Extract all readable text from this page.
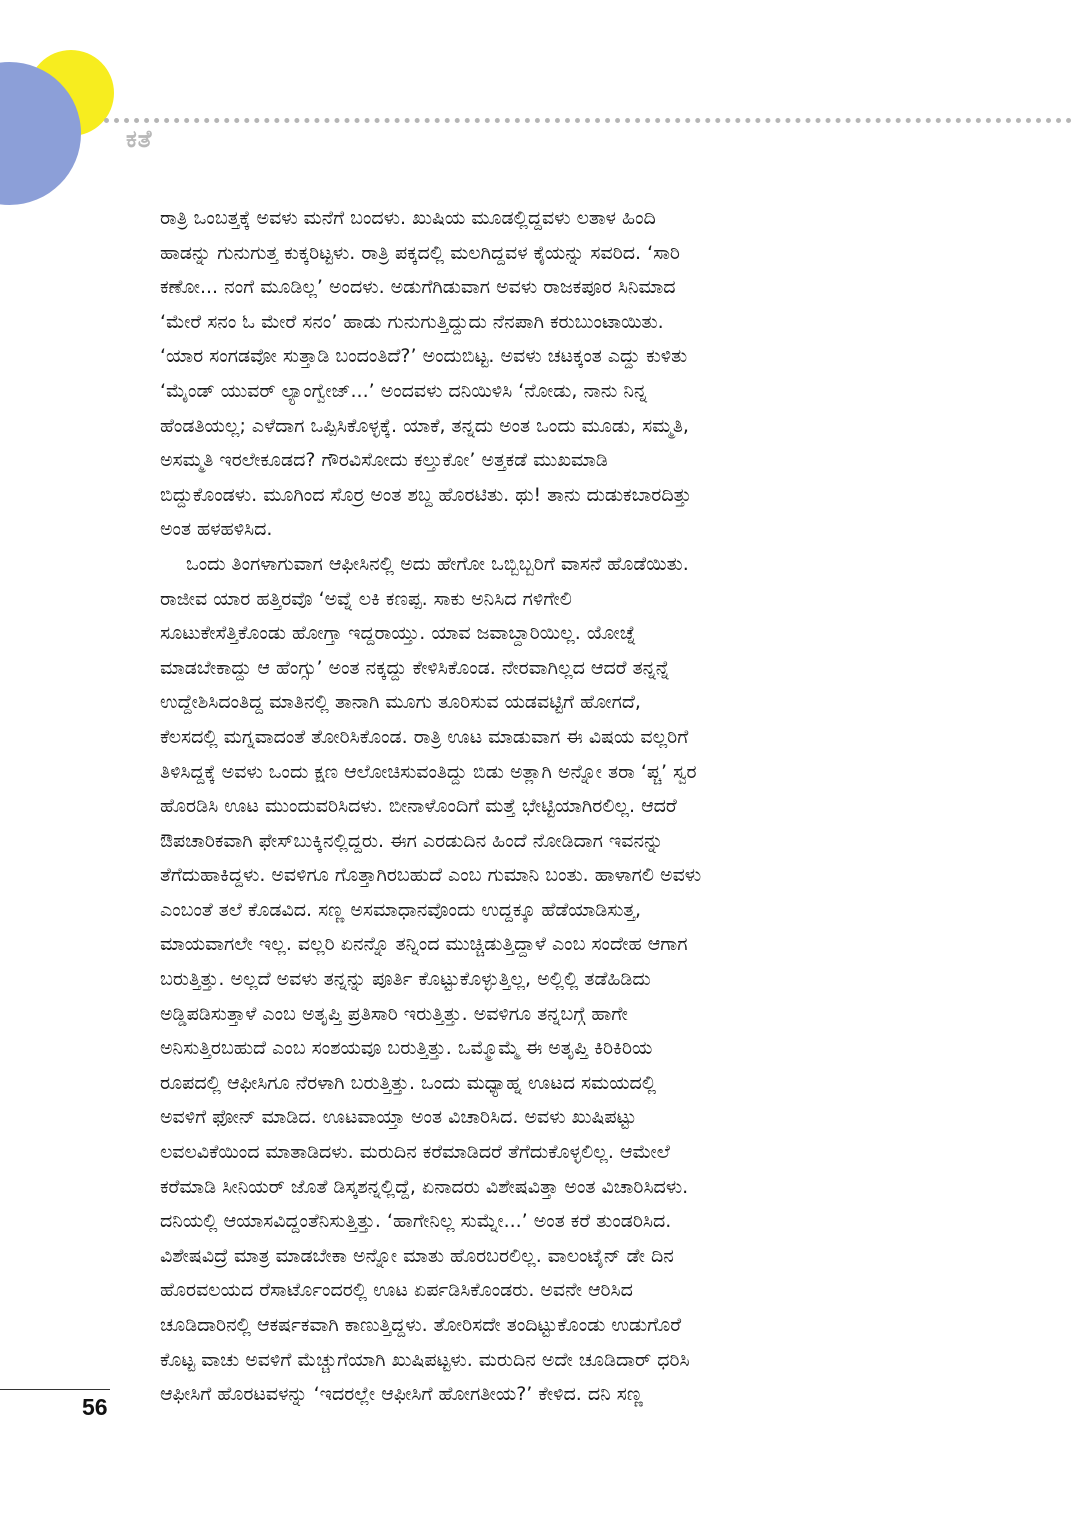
ಕತೆ
ರಾತ್ರಿ ಒಂಬತ್ತಕ್ಕೆ ಅವಳು ಮನೆಗೆ ಬಂದಳು. ಖುಷಿಯ ಮೂಡಲ್ಲಿದ್ದವಳು ಲತಾಳ ಹಿಂದಿ
ಹಾಡನ್ನು ಗುನುಗುತ್ತ ಕುಕ್ಕರಿಟ್ಟಳು. ರಾತ್ರಿ ಪಕ್ಕದಲ್ಲಿ ಮಲಗಿದ್ದವಳ ಕೈಯನ್ನು ಸವರಿದ. ‘ಸಾರಿ
ಕಣೋ... ನಂಗೆ ಮೂಡಿಲ್ಲ’ ಅಂದಳು. ಅಡುಗೆಗಿಡುವಾಗ ಅವಳು ರಾಜಕಪೂರ ಸಿನಿಮಾದ
‘ಮೇರೆ ಸನಂ ಓ ಮೇರೆ ಸನಂ’ ಹಾಡು ಗುನುಗುತ್ತಿದ್ದುದು ನೆನಪಾಗಿ ಕರುಬುಂಟಾಯಿತು.
‘ಯಾರ ಸಂಗಡವೋ ಸುತ್ತಾಡಿ ಬಂದಂತಿದೆ?’ ಅಂದುಬಿಟ್ಟ. ಅವಳು ಚಟಕ್ಕಂತ ಎದ್ದು ಕುಳಿತು
‘ಮೈಂಡ್ ಯುವರ್ ಲ್ಯಾಂಗ್ವೇಜ್...’ ಅಂದವಳು ದನಿಯಿಳಿಸಿ ‘ನೋಡು, ನಾನು ನಿನ್ನ
ಹೆಂಡತಿಯಲ್ಲ; ಎಳೆದಾಗ ಒಪ್ಪಿಸಿಕೊಳ್ಳಕ್ಕೆ. ಯಾಕೆ, ತನ್ನದು ಅಂತ ಒಂದು ಮೂಡು, ಸಮ್ಮತಿ,
ಅಸಮ್ಮತಿ ಇರಲೇಕೂಡದ? ಗೌರವಿಸೋದು ಕಲ್ತುಕೋ’ ಅತ್ತಕಡೆ ಮುಖಮಾಡಿ
ಬಿದ್ದುಕೊಂಡಳು. ಮೂಗಿಂದ ಸೊರ್ರ ಅಂತ ಶಬ್ದ ಹೊರಟಿತು. ಥು! ತಾನು ದುಡುಕಬಾರದಿತ್ತು
ಅಂತ ಹಳಹಳಿಸಿದ.
ಒಂದು ತಿಂಗಳಾಗುವಾಗ ಆಫೀಸಿನಲ್ಲಿ ಅದು ಹೇಗೋ ಒಬ್ಬಿಬ್ಬರಿಗೆ ವಾಸನೆ ಹೊಡೆಯಿತು.
ರಾಜೀವ ಯಾರ ಹತ್ತಿರವೊ ‘ಅವ್ನೆ ಲಕಿ ಕಣಪ್ಪ. ಸಾಕು ಅನಿಸಿದ ಗಳಿಗೇಲಿ
ಸೂಟುಕೇಸೆತ್ತಿಕೊಂಡು ಹೋಗ್ತಾ ಇದ್ದರಾಯ್ತು. ಯಾವ ಜವಾಬ್ದಾರಿಯಿಲ್ಲ. ಯೋಚ್ನೆ
ಮಾಡಬೇಕಾದ್ದು ಆ ಹೆಂಗ್ಸು’ ಅಂತ ನಕ್ಕದ್ದು ಕೇಳಿಸಿಕೊಂಡ. ನೇರವಾಗಿಲ್ಲದ ಆದರೆ ತನ್ನನ್ನೆ
ಉದ್ದೇಶಿಸಿದಂತಿದ್ದ ಮಾತಿನಲ್ಲಿ ತಾನಾಗಿ ಮೂಗು ತೂರಿಸುವ ಯಡವಟ್ಟಿಗೆ ಹೋಗದೆ,
ಕೆಲಸದಲ್ಲಿ ಮಗ್ನವಾದಂತೆ ತೋರಿಸಿಕೊಂಡ. ರಾತ್ರಿ ಊಟ ಮಾಡುವಾಗ ಈ ವಿಷಯ ವಲ್ಲರಿಗೆ
ತಿಳಿಸಿದ್ದಕ್ಕೆ ಅವಳು ಒಂದು ಕ್ಷಣ ಆಲೋಚಿಸುವಂತಿದ್ದು ಬಿಡು ಅತ್ಲಾಗಿ ಅನ್ನೋ ತರಾ ‘ಪ್ಚ’ ಸ್ವರ
ಹೊರಡಿಸಿ ಊಟ ಮುಂದುವರಿಸಿದಳು. ಬೀನಾಳೊಂದಿಗೆ ಮತ್ತೆ ಭೇಟ್ಟಿಯಾಗಿರಲಿಲ್ಲ. ಆದರೆ
ಔಪಚಾರಿಕವಾಗಿ ಫೇಸ್‌ಬುಕ್ಕಿನಲ್ಲಿದ್ದರು. ಈಗ ಎರಡುದಿನ ಹಿಂದೆ ನೋಡಿದಾಗ ಇವನನ್ನು
ತೆಗೆದುಹಾಕಿದ್ದಳು. ಅವಳಿಗೂ ಗೊತ್ತಾಗಿರಬಹುದೆ ಎಂಬ ಗುಮಾನಿ ಬಂತು. ಹಾಳಾಗಲಿ ಅವಳು
ಎಂಬಂತೆ ತಲೆ ಕೊಡವಿದ. ಸಣ್ಣ ಅಸಮಾಧಾನವೊಂದು ಉದ್ದಕ್ಕೂ ಹೆಡೆಯಾಡಿಸುತ್ತ,
ಮಾಯವಾಗಲೇ ಇಲ್ಲ. ವಲ್ಲರಿ ಏನನ್ನೊ ತನ್ನಿಂದ ಮುಚ್ಚಿಡುತ್ತಿದ್ದಾಳೆ ಎಂಬ ಸಂದೇಹ ಆಗಾಗ
ಬರುತ್ತಿತ್ತು. ಅಲ್ಲದೆ ಅವಳು ತನ್ನನ್ನು ಪೂರ್ತಿ ಕೊಟ್ಟುಕೊಳ್ಳುತ್ತಿಲ್ಲ, ಅಲ್ಲಿಲ್ಲಿ ತಡೆಹಿಡಿದು
ಅಡ್ಡಿಪಡಿಸುತ್ತಾಳೆ ಎಂಬ ಅತೃಪ್ತಿ ಪ್ರತಿಸಾರಿ ಇರುತ್ತಿತ್ತು. ಅವಳಿಗೂ ತನ್ನಬಗ್ಗೆ ಹಾಗೇ
ಅನಿಸುತ್ತಿರಬಹುದೆ ಎಂಬ ಸಂಶಯವೂ ಬರುತ್ತಿತ್ತು. ಒಮ್ಮೊಮ್ಮೆ ಈ ಅತೃಪ್ತಿ ಕಿರಿಕಿರಿಯ
ರೂಪದಲ್ಲಿ ಆಫೀಸಿಗೂ ನೆರಳಾಗಿ ಬರುತ್ತಿತ್ತು. ಒಂದು ಮಧ್ಯಾಹ್ನ ಊಟದ ಸಮಯದಲ್ಲಿ
ಅವಳಿಗೆ ಫೋನ್ ಮಾಡಿದ. ಊಟವಾಯ್ತಾ ಅಂತ ವಿಚಾರಿಸಿದ. ಅವಳು ಖುಷಿಪಟ್ಟು
ಲವಲವಿಕೆಯಿಂದ ಮಾತಾಡಿದಳು. ಮರುದಿನ ಕರೆಮಾಡಿದರೆ ತೆಗೆದುಕೊಳ್ಳಲಿಲ್ಲ. ಆಮೇಲೆ
ಕರೆಮಾಡಿ ಸೀನಿಯರ್ ಜೊತೆ ಡಿಸ್ಕಶನ್ನಲ್ಲಿದ್ದೆ, ಏನಾದರು ವಿಶೇಷವಿತ್ತಾ ಅಂತ ವಿಚಾರಿಸಿದಳು.
ದನಿಯಲ್ಲಿ ಆಯಾಸವಿದ್ದಂತೆನಿಸುತ್ತಿತ್ತು. ‘ಹಾಗೇನಿಲ್ಲ ಸುಮ್ನೇ...’ ಅಂತ ಕರೆ ತುಂಡರಿಸಿದ.
ವಿಶೇಷವಿದ್ರೆ ಮಾತ್ರ ಮಾಡಬೇಕಾ ಅನ್ನೋ ಮಾತು ಹೊರಬರಲಿಲ್ಲ. ವಾಲಂಟೈನ್ ಡೇ ದಿನ
ಹೊರವಲಯದ ರೆಸಾರ್ಟೊಂದರಲ್ಲಿ ಊಟ ಏರ್ಪಡಿಸಿಕೊಂಡರು. ಅವನೇ ಆರಿಸಿದ
ಚೂಡಿದಾರಿನಲ್ಲಿ ಆಕರ್ಷಕವಾಗಿ ಕಾಣುತ್ತಿದ್ದಳು. ತೋರಿಸದೇ ತಂದಿಟ್ಟುಕೊಂಡು ಉಡುಗೊರೆ
ಕೊಟ್ಟ ವಾಚು ಅವಳಿಗೆ ಮೆಚ್ಚುಗೆಯಾಗಿ ಖುಷಿಪಟ್ಟಳು. ಮರುದಿನ ಅದೇ ಚೂಡಿದಾರ್ ಧರಿಸಿ
ಆಫೀಸಿಗೆ ಹೊರಟವಳನ್ನು ‘ಇದರಲ್ಲೇ ಆಫೀಸಿಗೆ ಹೋಗತೀಯ?’ ಕೇಳಿದ. ದನಿ ಸಣ್ಣ
56
